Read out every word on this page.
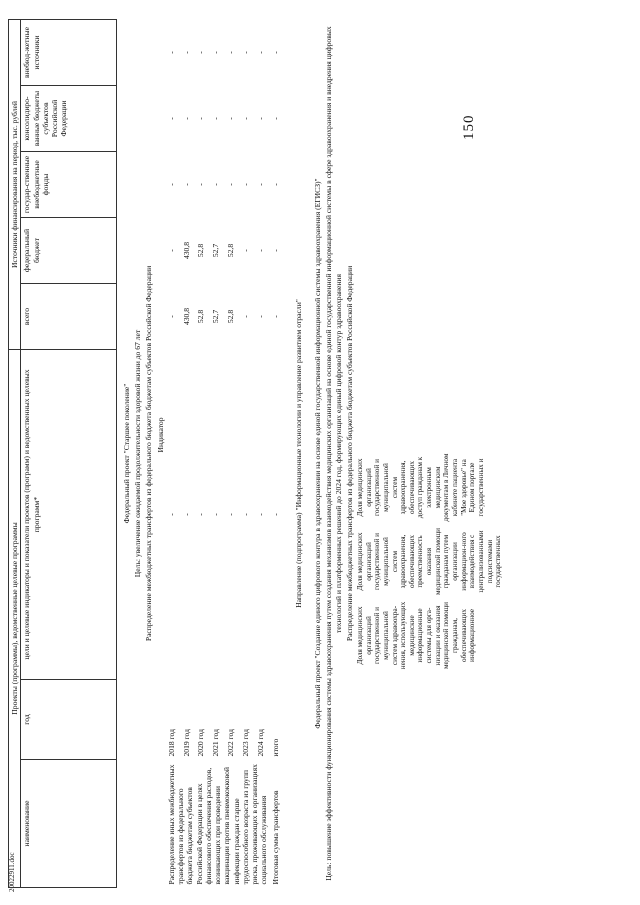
150
20022911.doc
Проекты (программы), ведомственные целевые программы			Источники финансирования на период, тыс. рублей				
наименование	год	цели и целевые индикаторы и показатели проектов (программ) и ведомственных целевых программ*	всего	федеральный бюджет	государ-ственные внебюджетные фонды	консолидиро-ванные бюджеты субъектов Российской Федерации	внебюд-жетные источники

Федеральный проект "Старшее поколение"							
Цель: увеличение ожидаемой продолжительности здоровой жизни до 67 лет							
Распределение межбюджетных трансфертов из федерального бюджета бюджетам субъектов Российской Федерации							
Индикатор							
Распределение иных межбюджетных трансфертов из федерального бюджета бюджетам субъектов Российской Федерации в целях финансового обеспечения расходов, возникающих при проведении вакцинации против пневмококковой инфекции граждан старше трудоспособного возраста из групп риска, проживающих в организациях социального обслуживания	2018 год	-	-	-	-	-	-
	2019 год	-	430,8	430,8	-	-	-
	2020 год	-	52,8	52,8	-	-	-
	2021 год	-	52,7	52,7	-	-	-
	2022 год	-	52,8	52,8	-	-	-
	2023 год	-	-	-	-	-	-
	2024 год	-	-	-	-	-	-
Итоговая сумма трансфертов	итого	-	-	-	-	-	-

Направление (подпрограмма) "Информационные технологии и управление развитием отрасли"							

Федеральный проект "Создание единого цифрового контура в здравоохранении на основе единой государственной информационной системы здравоохранения (ЕГИСЗ)"							
Цель: повышение эффективности функционирования системы здравоохранения путем создания механизмов взаимодействия медицинских организаций на основе единой государственной информационной системы в сфере здравоохранения и внедрения цифровых технологий и платформенных решений до 2024 год, формирующих единый цифровой контур здравоохранения							
Распределение межбюджетных трансфертов из федерального бюджета бюджетам субъектов Российской Федерации							

Доля медицинских организаций государственной и муниципальной систем здравоохра-нения, использующих медицинские информационные системы для орга-низации и оказания медицинской помощи гражданам, обеспечивающих информационное
Доля медицинских организаций государственной и муниципальной систем здравоохранения, обеспечивающих преемственность оказания медицинской помощи гражданам путем организации информацион-ного взаимодействия с централизованными подсистемами государственных
Доля медицинских организаций государственной и муниципальной систем здравоохранения, обеспечивающих доступ гражданам к электронным медицинским документам в Личном кабинете пациента "Мое здоровье" на Едином портале государственных и							
